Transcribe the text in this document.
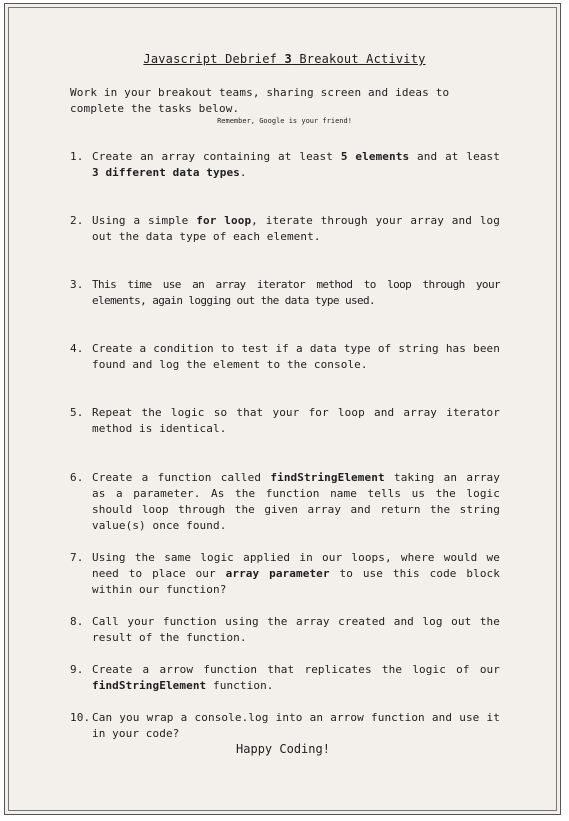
Javascript Debrief 3 Breakout Activity
Work in your breakout teams, sharing screen and ideas to complete the tasks below.
Remember, Google is your friend!
1. Create an array containing at least 5 elements and at least 3 different data types.
2. Using a simple for loop, iterate through your array and log out the data type of each element.
3. This time use an array iterator method to loop through your elements, again logging out the data type used.
4. Create a condition to test if a data type of string has been found and log the element to the console.
5. Repeat the logic so that your for loop and array iterator method is identical.
6. Create a function called findStringElement taking an array as a parameter. As the function name tells us the logic should loop through the given array and return the string value(s) once found.
7. Using the same logic applied in our loops, where would we need to place our array parameter to use this code block within our function?
8. Call your function using the array created and log out the result of the function.
9. Create a arrow function that replicates the logic of our findStringElement function.
10. Can you wrap a console.log into an arrow function and use it in your code?
Happy Coding!
